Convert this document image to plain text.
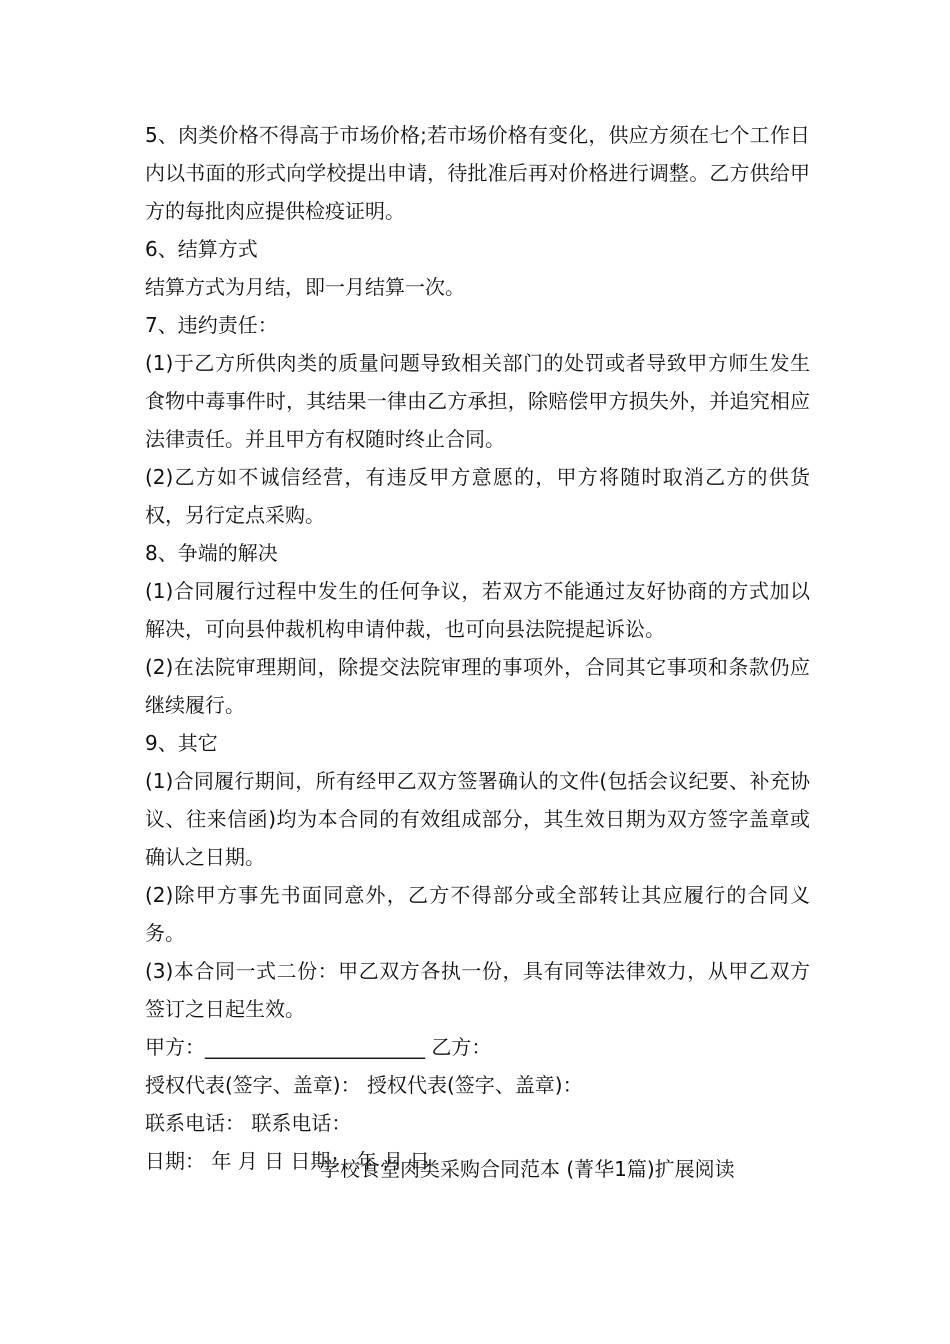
5、肉类价格不得高于市场价格;若市场价格有变化，供应方须在七个工作日内以书面的形式向学校提出申请，待批准后再对价格进行调整。乙方供给甲方的每批肉应提供检疫证明。

6、结算方式

结算方式为月结，即一月结算一次。

7、违约责任：

(1)于乙方所供肉类的质量问题导致相关部门的处罚或者导致甲方师生发生食物中毒事件时，其结果一律由乙方承担，除赔偿甲方损失外，并追究相应法律责任。并且甲方有权随时终止合同。

(2)乙方如不诚信经营，有违反甲方意愿的，甲方将随时取消乙方的供货权，另行定点采购。

8、争端的解决

(1)合同履行过程中发生的任何争议，若双方不能通过友好协商的方式加以解决，可向县仲裁机构申请仲裁，也可向县法院提起诉讼。

(2)在法院审理期间，除提交法院审理的事项外，合同其它事项和条款仍应继续履行。

9、其它

(1)合同履行期间，所有经甲乙双方签署确认的文件(包括会议纪要、补充协议、往来信函)均为本合同的有效组成部分，其生效日期为双方签字盖章或确认之日期。

(2)除甲方事先书面同意外，乙方不得部分或全部转让其应履行的合同义务。

(3)本合同一式二份：甲乙双方各执一份，具有同等法律效力，从甲乙双方签订之日起生效。

甲方：______________________ 乙方：

授权代表(签字、盖章)： 授权代表(签字、盖章)：

联系电话： 联系电话：

日期： 年 月 日 日期： 年 月 日

学校食堂肉类采购合同范本 (菁华1篇)扩展阅读
